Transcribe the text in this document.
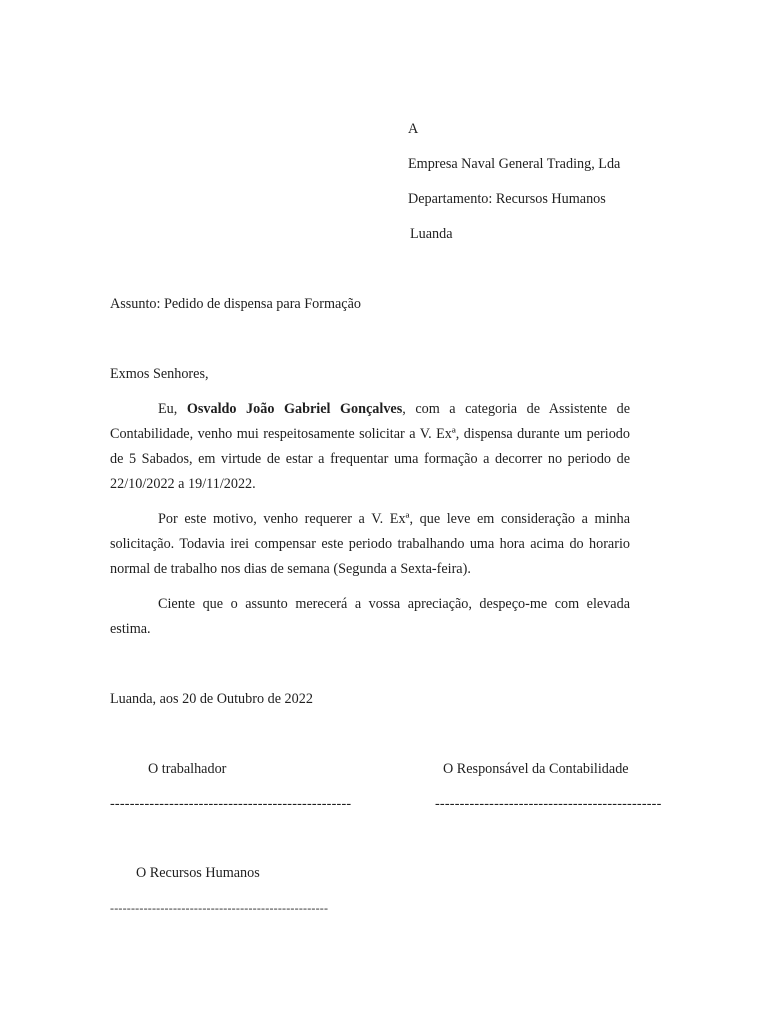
A
Empresa Naval General Trading, Lda
Departamento: Recursos Humanos
Luanda
Assunto: Pedido de dispensa para Formação
Exmos Senhores,
Eu, Osvaldo João Gabriel Gonçalves, com a categoria de Assistente de Contabilidade, venho mui respeitosamente solicitar a V. Exª, dispensa durante um periodo de 5 Sabados, em virtude de estar a frequentar uma formação a decorrer no periodo de 22/10/2022 a 19/11/2022.
Por este motivo, venho requerer a V. Exª, que leve em consideração a minha solicitação. Todavia irei compensar este periodo trabalhando uma hora acima do horario normal de trabalho nos dias de semana (Segunda a Sexta-feira).
Ciente que o assunto merecerá a vossa apreciação, despeço-me com elevada estima.
Luanda, aos 20 de Outubro de 2022
O trabalhador	O Responsável da Contabilidade
-------------------------------------------------	----------------------------------------------
O Recursos Humanos
----------------------------------------------------
